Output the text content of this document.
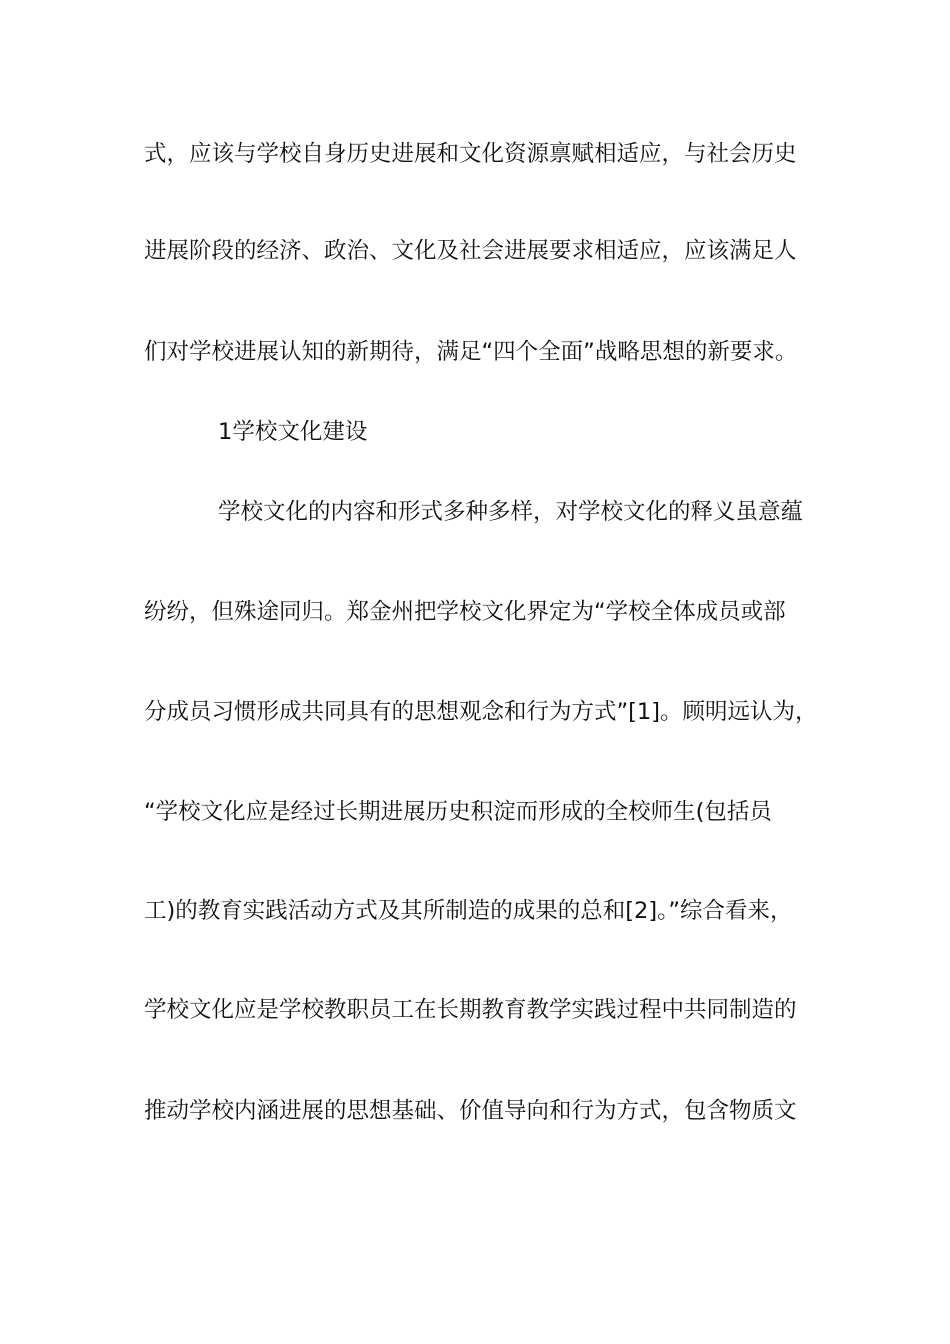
式，应该与学校自身历史进展和文化资源禀赋相适应，与社会历史
进展阶段的经济、政治、文化及社会进展要求相适应，应该满足人
们对学校进展认知的新期待，满足“四个全面”战略思想的新要求。
1学校文化建设
学校文化的内容和形式多种多样，对学校文化的释义虽意蕴
纷纷，但殊途同归。郑金州把学校文化界定为“学校全体成员或部
分成员习惯形成共同具有的思想观念和行为方式”[1]。顾明远认为，
“学校文化应是经过长期进展历史积淀而形成的全校师生(包括员
工)的教育实践活动方式及其所制造的成果的总和[2]。”综合看来，
学校文化应是学校教职员工在长期教育教学实践过程中共同制造的
推动学校内涵进展的思想基础、价值导向和行为方式，包含物质文
